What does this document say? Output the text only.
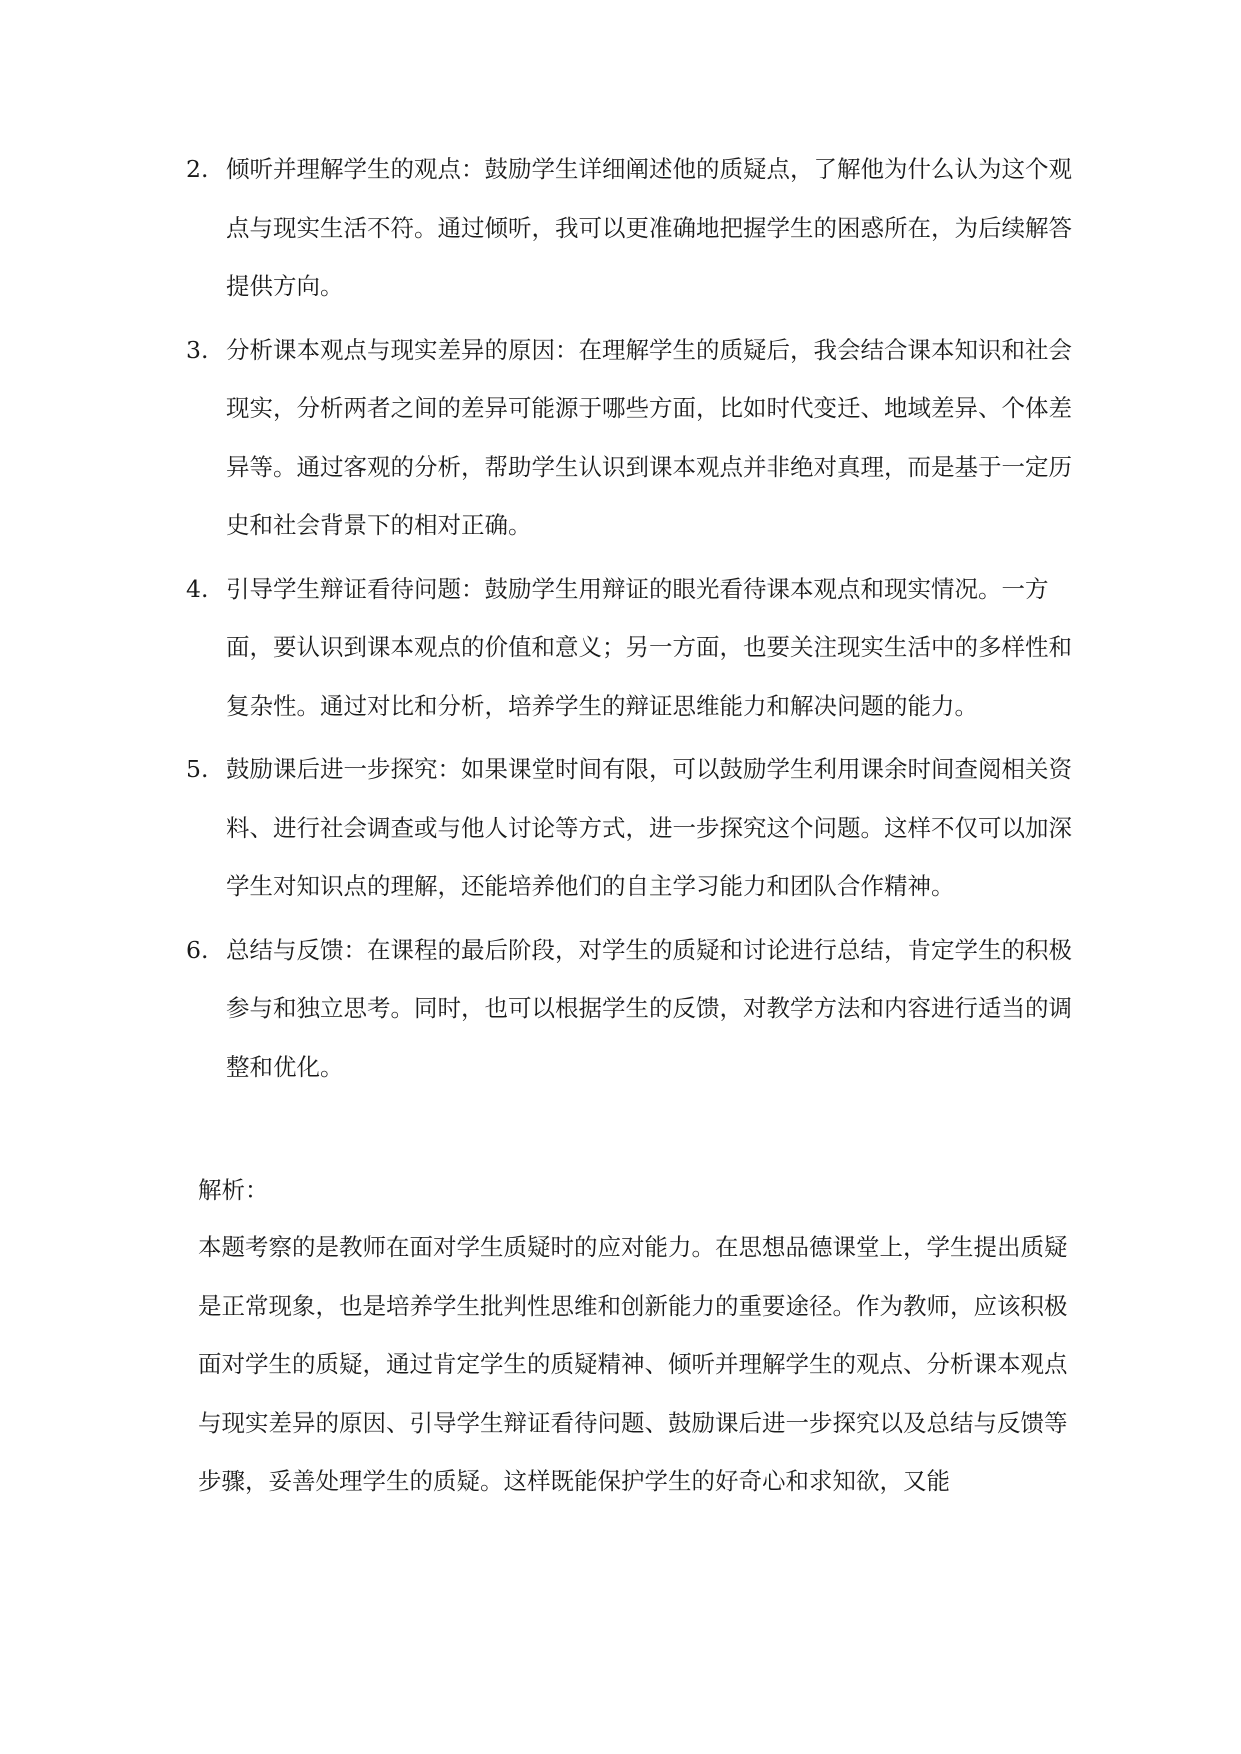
2. 倾听并理解学生的观点：鼓励学生详细阐述他的质疑点，了解他为什么认为这个观点与现实生活不符。通过倾听，我可以更准确地把握学生的困惑所在，为后续解答提供方向。
3. 分析课本观点与现实差异的原因：在理解学生的质疑后，我会结合课本知识和社会现实，分析两者之间的差异可能源于哪些方面，比如时代变迁、地域差异、个体差异等。通过客观的分析，帮助学生认识到课本观点并非绝对真理，而是基于一定历史和社会背景下的相对正确。
4. 引导学生辩证看待问题：鼓励学生用辩证的眼光看待课本观点和现实情况。一方面，要认识到课本观点的价值和意义；另一方面，也要关注现实生活中的多样性和复杂性。通过对比和分析，培养学生的辩证思维能力和解决问题的能力。
5. 鼓励课后进一步探究：如果课堂时间有限，可以鼓励学生利用课余时间查阅相关资料、进行社会调查或与他人讨论等方式，进一步探究这个问题。这样不仅可以加深学生对知识点的理解，还能培养他们的自主学习能力和团队合作精神。
6. 总结与反馈：在课程的最后阶段，对学生的质疑和讨论进行总结，肯定学生的积极参与和独立思考。同时，也可以根据学生的反馈，对教学方法和内容进行适当的调整和优化。

解析：

本题考察的是教师在面对学生质疑时的应对能力。在思想品德课堂上，学生提出质疑是正常现象，也是培养学生批判性思维和创新能力的重要途径。作为教师，应该积极面对学生的质疑，通过肯定学生的质疑精神、倾听并理解学生的观点、分析课本观点与现实差异的原因、引导学生辩证看待问题、鼓励课后进一步探究以及总结与反馈等步骤，妥善处理学生的质疑。这样既能保护学生的好奇心和求知欲，又能
